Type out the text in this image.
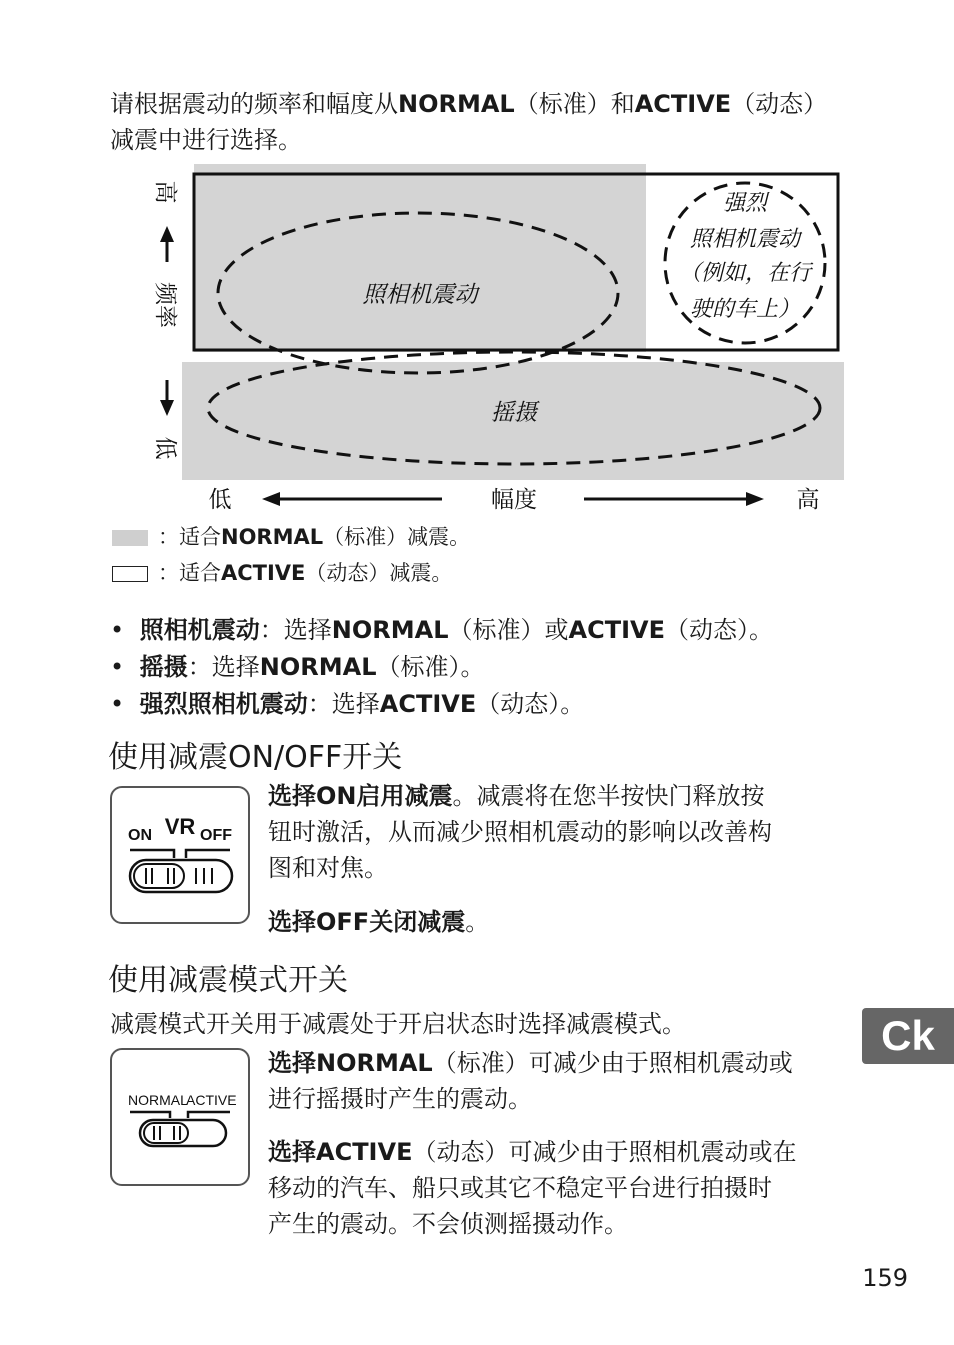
请根据震动的频率和幅度从NORMAL（标准）和ACTIVE（动态）减震中进行选择。
照相机震动
摇摄
强烈
照相机震动
（例如，在行
驶的车上）
高
频率
低
低	幅度	高
：适合NORMAL（标准）减震。
：适合ACTIVE（动态）减震。
• 照相机震动：选择NORMAL（标准）或ACTIVE（动态）。
• 摇摄：选择NORMAL（标准）。
• 强烈照相机震动：选择ACTIVE（动态）。
使用减震ON/OFF开关
ON VR OFF
选择ON启用减震。减震将在您半按快门释放按
钮时激活，从而减少照相机震动的影响以改善构
图和对焦。
选择OFF关闭减震。
使用减震模式开关
减震模式开关用于减震处于开启状态时选择减震模式。
NORMAL
ACTIVE
选择NORMAL（标准）可减少由于照相机震动或
进行摇摄时产生的震动。
选择ACTIVE（动态）可减少由于照相机震动或在
移动的汽车、船只或其它不稳定平台进行拍摄时
产生的震动。不会侦测摇摄动作。
Ck
159
